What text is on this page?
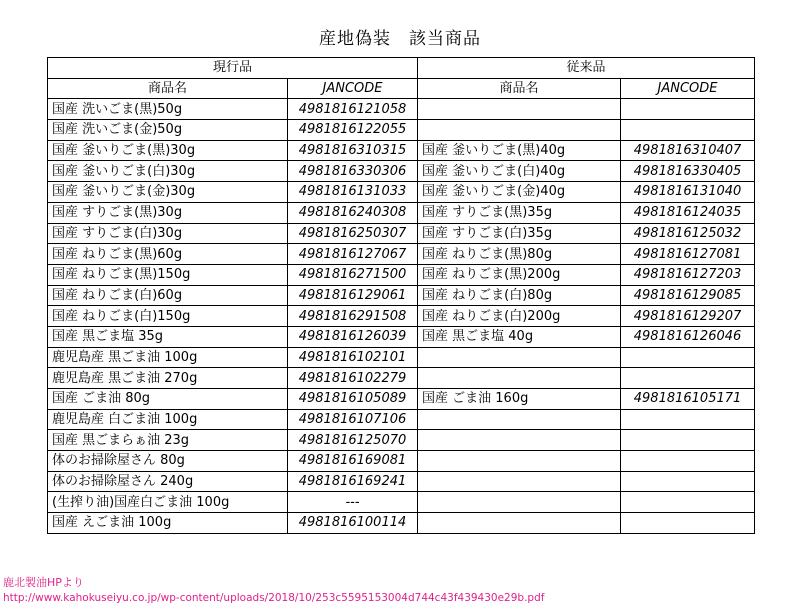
産地偽装　該当商品
現行品		従来品	
商品名	JANCODE	商品名	JANCODE
国産 洗いごま(黒)50g	4981816121058		
国産 洗いごま(金)50g	4981816122055		
国産 釜いりごま(黒)30g	4981816310315	国産 釜いりごま(黒)40g	4981816310407
国産 釜いりごま(白)30g	4981816330306	国産 釜いりごま(白)40g	4981816330405
国産 釜いりごま(金)30g	4981816131033	国産 釜いりごま(金)40g	4981816131040
国産 すりごま(黒)30g	4981816240308	国産 すりごま(黒)35g	4981816124035
国産 すりごま(白)30g	4981816250307	国産 すりごま(白)35g	4981816125032
国産 ねりごま(黒)60g	4981816127067	国産 ねりごま(黒)80g	4981816127081
国産 ねりごま(黒)150g	4981816271500	国産 ねりごま(黒)200g	4981816127203
国産 ねりごま(白)60g	4981816129061	国産 ねりごま(白)80g	4981816129085
国産 ねりごま(白)150g	4981816291508	国産 ねりごま(白)200g	4981816129207
国産 黒ごま塩 35g	4981816126039	国産 黒ごま塩 40g	4981816126046
鹿児島産 黒ごま油 100g	4981816102101		
鹿児島産 黒ごま油 270g	4981816102279		
国産 ごま油 80g	4981816105089	国産 ごま油 160g	4981816105171
鹿児島産 白ごま油 100g	4981816107106		
国産 黒ごまらぁ油 23g	4981816125070		
体のお掃除屋さん 80g	4981816169081		
体のお掃除屋さん 240g	4981816169241		
(生搾り油)国産白ごま油 100g	---		
国産 えごま油 100g	4981816100114		
鹿北製油HPより
http://www.kahokuseiyu.co.jp/wp-content/uploads/2018/10/253c5595153004d744c43f439430e29b.pdf
